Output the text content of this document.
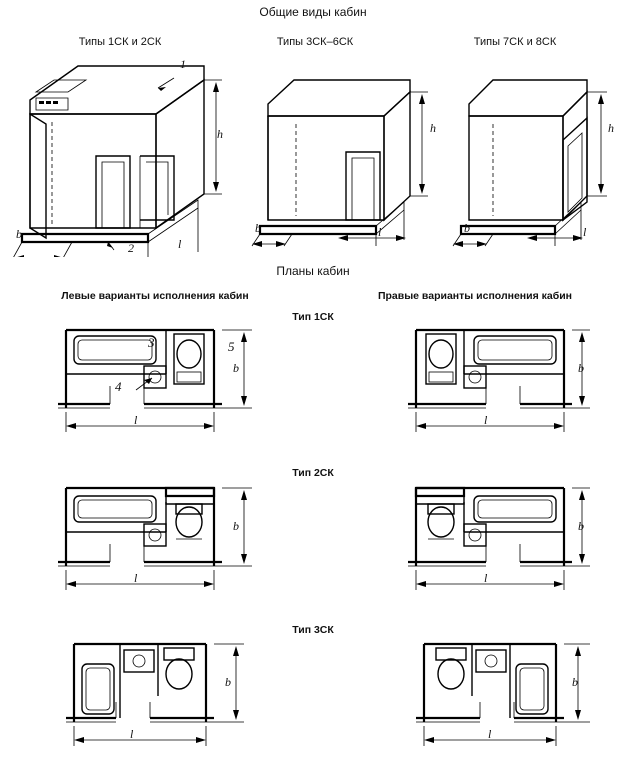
Общие виды кабин
Типы 1СК и 2СК	Типы 3СК–6СК	Типы 7СК и 8СК
1
2
h
b
l
h
b	l
h
b	l
Планы кабин
Левые варианты исполнения кабин	Правые варианты исполнения кабин
Тип 1СК
3
4
5
b
l
b
l
Тип 2СК
b
l
b
l
Тип 3СК
b
l
b
l
